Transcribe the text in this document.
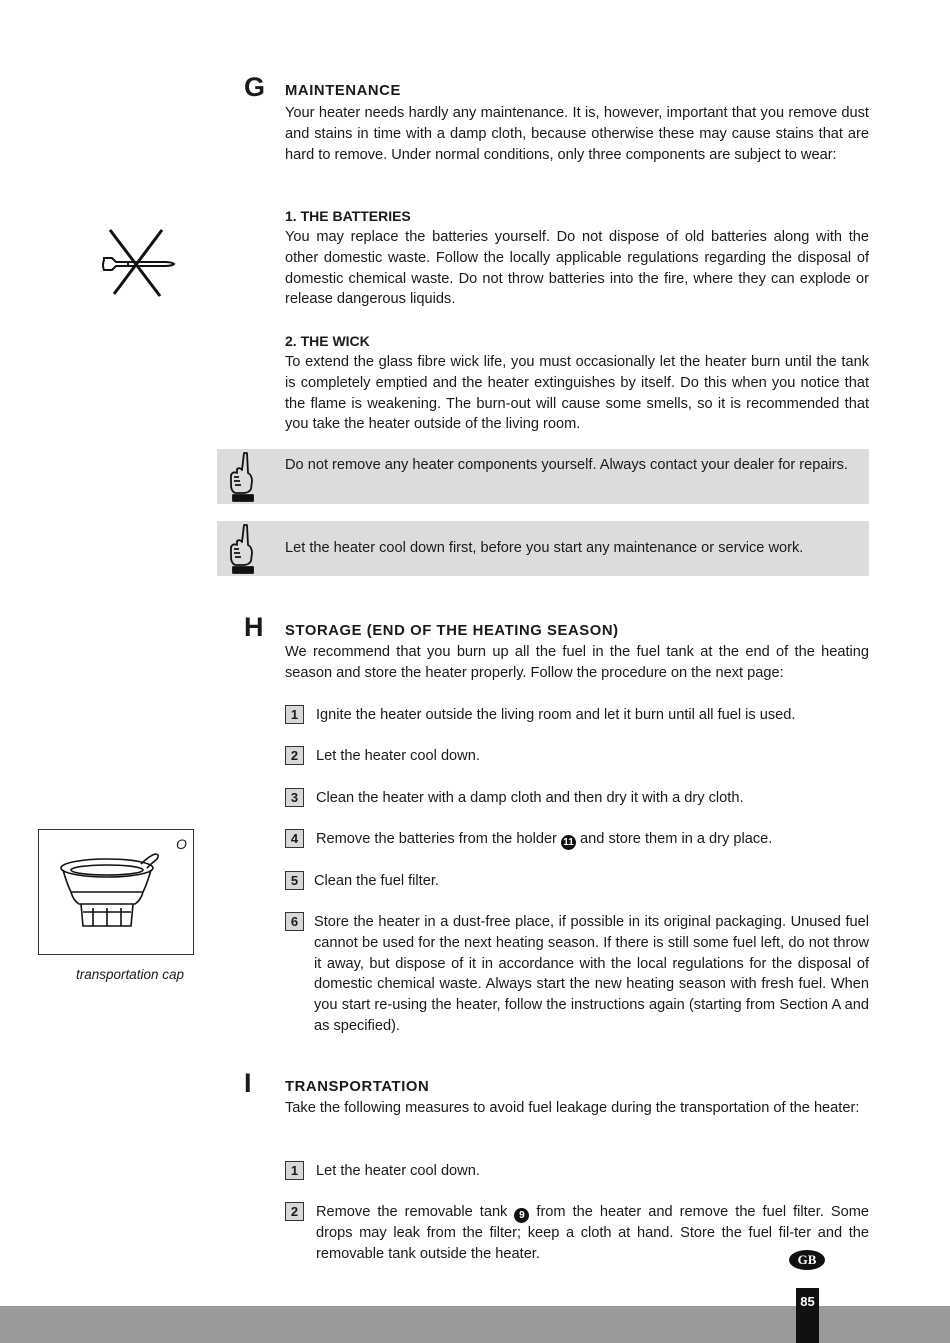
G MAINTENANCE
Your heater needs hardly any maintenance. It is, however, important that you remove dust and stains in time with a damp cloth, because otherwise these may cause stains that are hard to remove. Under normal conditions, only three components are subject to wear:
1. THE BATTERIES
You may replace the batteries yourself. Do not dispose of old batteries along with the other domestic waste. Follow the locally applicable regulations regarding the disposal of domestic chemical waste. Do not throw batteries into the fire, where they can explode or release dangerous liquids.
2. THE WICK
To extend the glass fibre wick life, you must occasionally let the heater burn until the tank is completely emptied and the heater extinguishes by itself. Do this when you notice that the flame is weakening. The burn-out will cause some smells, so it is recommended that you take the heater outside of the living room.
Do not remove any heater components yourself. Always contact your dealer for repairs.
Let the heater cool down first, before you start any maintenance or service work.
H STORAGE (END OF THE HEATING SEASON)
We recommend that you burn up all the fuel in the fuel tank at the end of the heating season and store the heater properly. Follow the procedure on the next page:
1	Ignite the heater outside the living room and let it burn until all fuel is used.
2	Let the heater cool down.
3	Clean the heater with a damp cloth and then dry it with a dry cloth.
4	Remove the batteries from the holder 11 and store them in a dry place.
5	Clean the fuel filter.
6	Store the heater in a dust-free place, if possible in its original packaging. Unused fuel cannot be used for the next heating season. If there is still some fuel left, do not throw it away, but dispose of it in accordance with the local regulations for the disposal of domestic chemical waste. Always start the new heating season with fresh fuel. When you start re-using the heater, follow the instructions again (starting from Section A and as specified).
O
transportation cap
I TRANSPORTATION
Take the following measures to avoid fuel leakage during the transportation of the heater:
1	Let the heater cool down.
2	Remove the removable tank 9 from the heater and remove the fuel filter. Some drops may leak from the filter; keep a cloth at hand. Store the fuel fil-ter and the removable tank outside the heater.	GB
85
